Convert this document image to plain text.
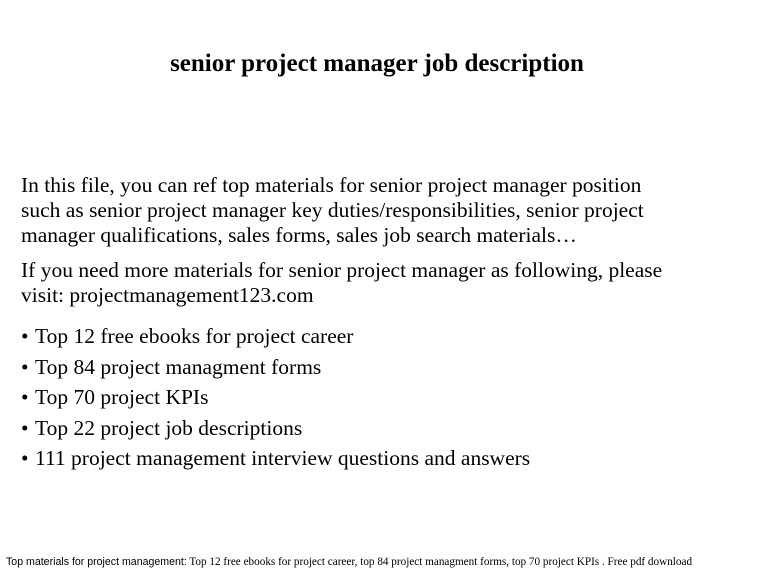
senior project manager job description

In this file, you can ref top materials for senior project manager position
such as senior project manager key duties/responsibilities, senior project
manager qualifications, sales forms, sales job search materials…

If you need more materials for senior project manager as following, please
visit: projectmanagement123.com

• Top 12 free ebooks for project career
• Top 84 project managment forms
• Top 70 project KPIs
• Top 22 project job descriptions
• 111 project management interview questions and answers
Top materials for project management: Top 12 free ebooks for project career, top 84 project managment forms, top 70 project KPIs . Free pdf download
